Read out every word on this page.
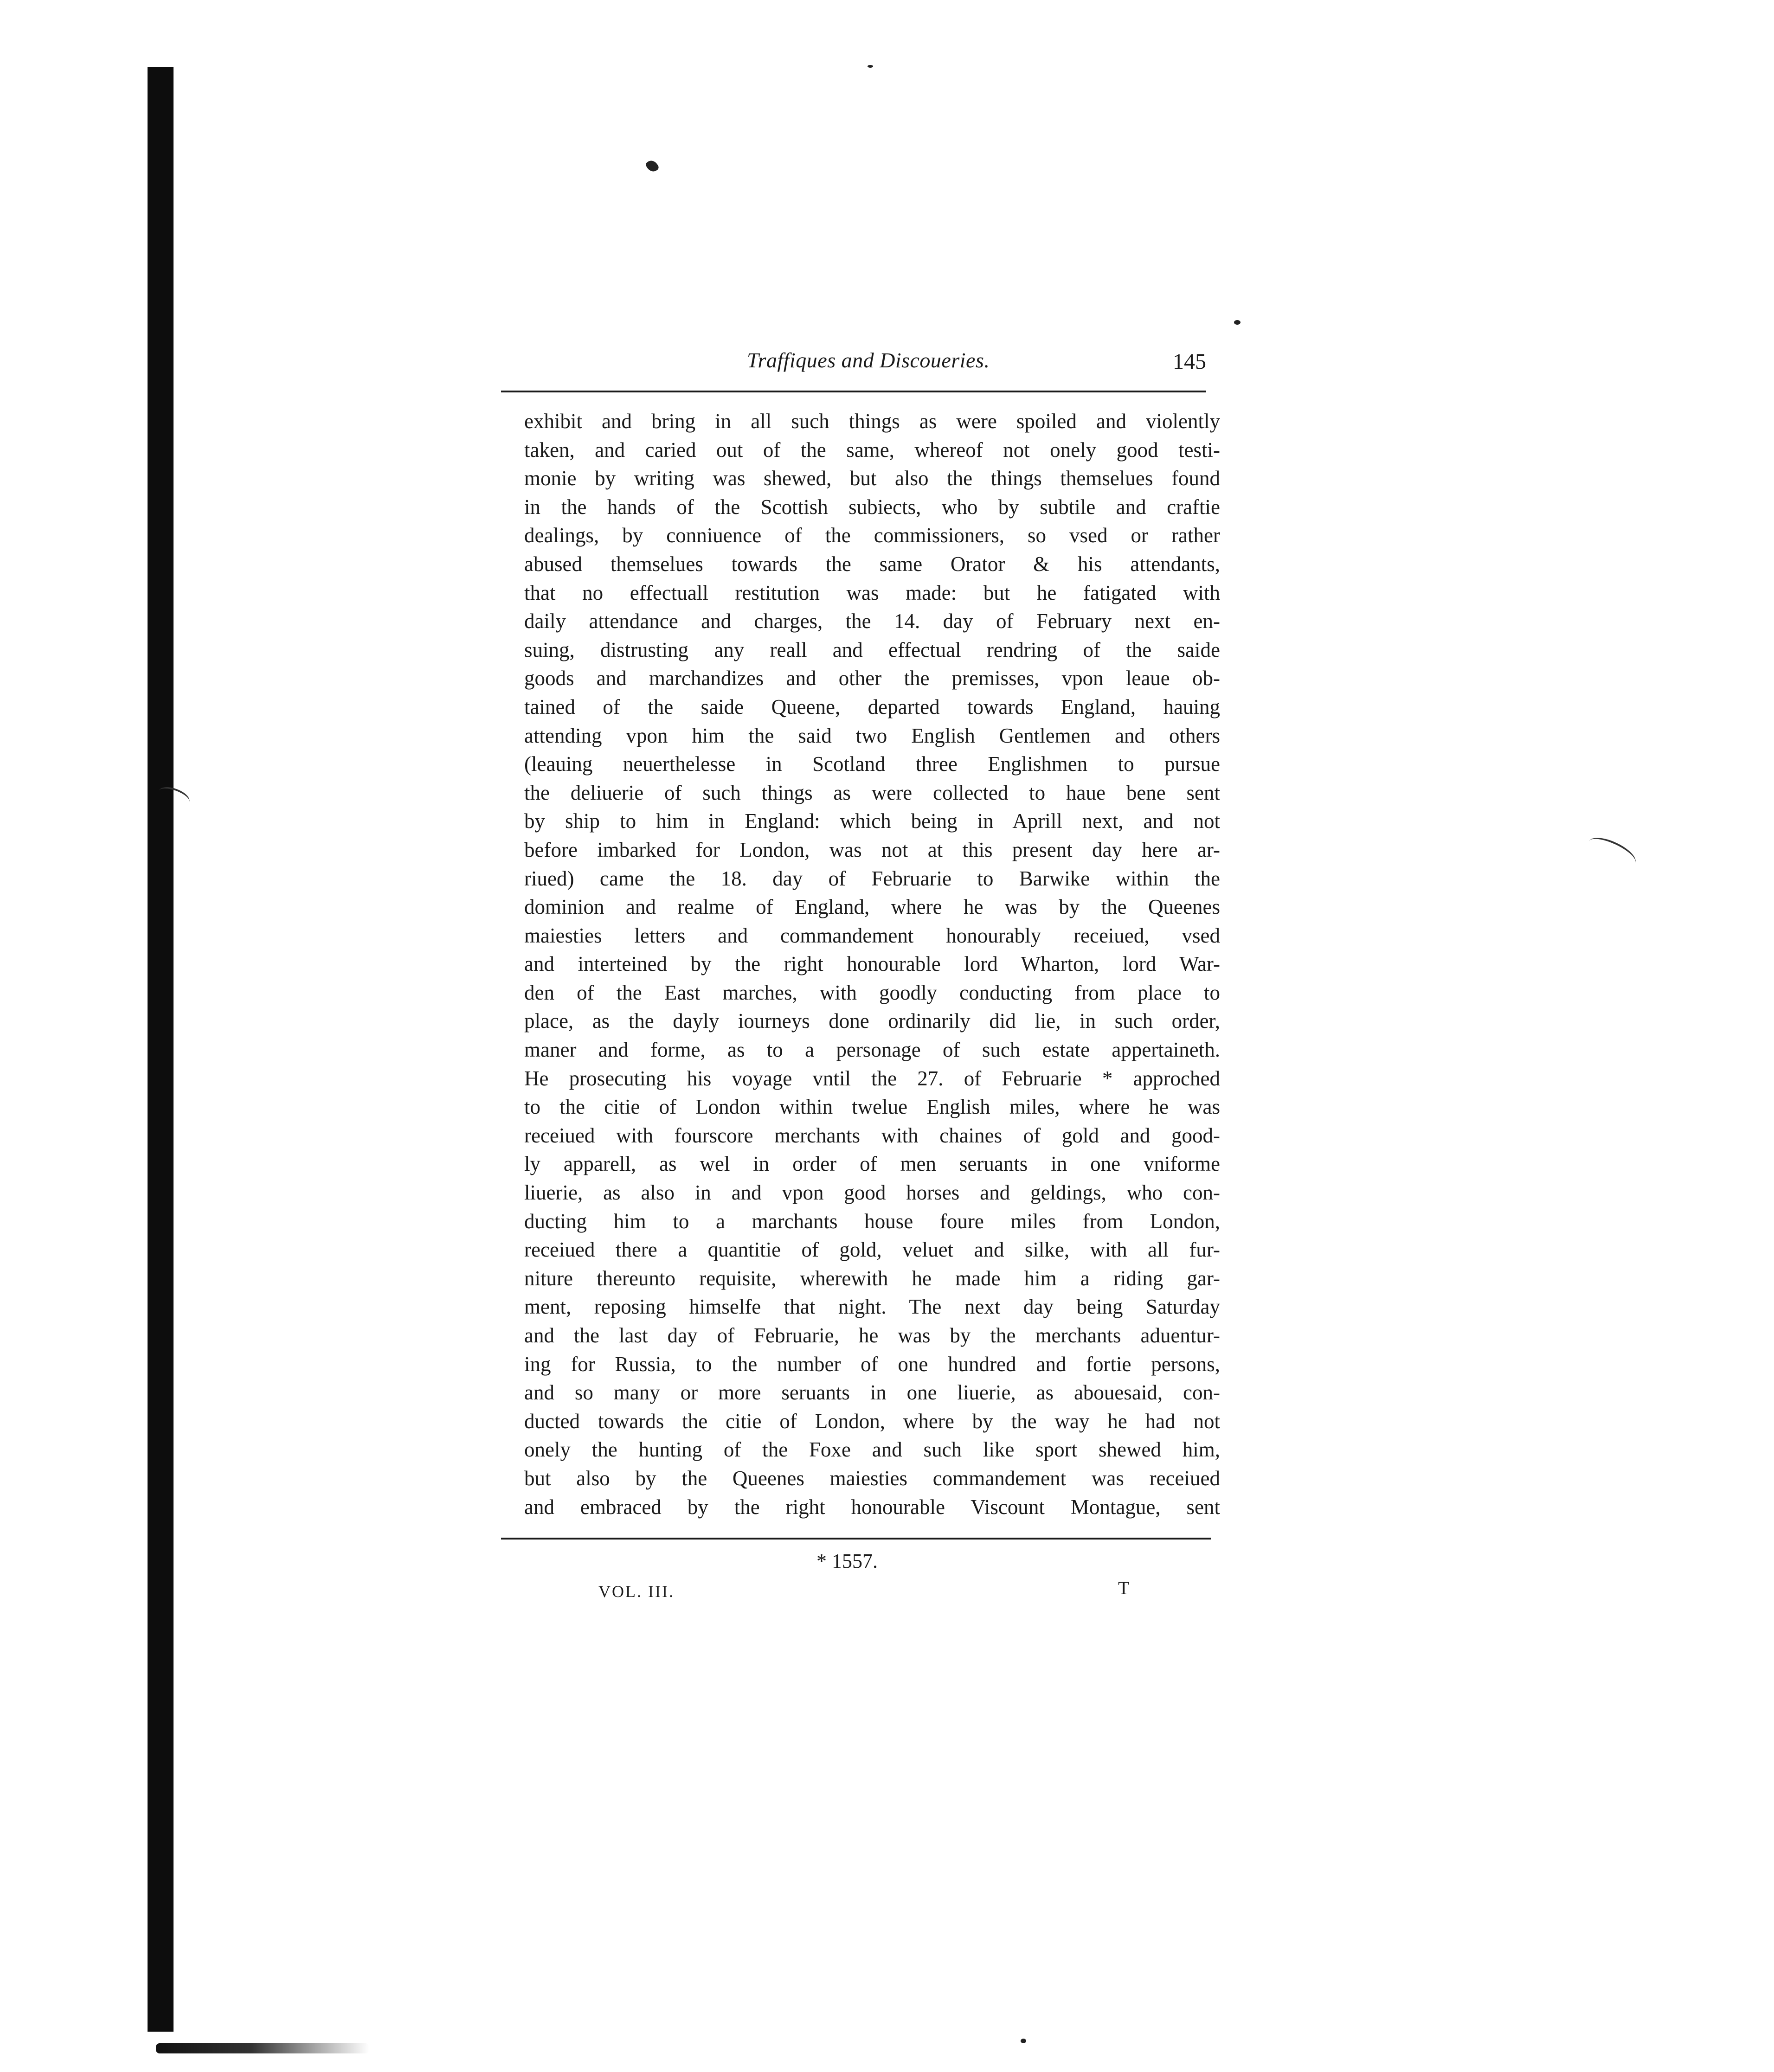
Traffiques and Discoueries.	145
exhibit and bring in all such things as were spoiled and violently
taken, and caried out of the same, whereof not onely good testi-
monie by writing was shewed, but also the things themselues found
in the hands of the Scottish subiects, who by subtile and craftie
dealings, by conniuence of the commissioners, so vsed or rather
abused themselues towards the same Orator & his attendants,
that no effectuall restitution was made: but he fatigated with
daily attendance and charges, the 14. day of February next en-
suing, distrusting any reall and effectual rendring of the saide
goods and marchandizes and other the premisses, vpon leaue ob-
tained of the saide Queene, departed towards England, hauing
attending vpon him the said two English Gentlemen and others
(leauing neuerthelesse in Scotland three Englishmen to pursue
the deliuerie of such things as were collected to haue bene sent
by ship to him in England: which being in Aprill next, and not
before imbarked for London, was not at this present day here ar-
riued) came the 18. day of Februarie to Barwike within the
dominion and realme of England, where he was by the Queenes
maiesties letters and commandement honourably receiued, vsed
and interteined by the right honourable lord Wharton, lord War-
den of the East marches, with goodly conducting from place to
place, as the dayly iourneys done ordinarily did lie, in such order,
maner and forme, as to a personage of such estate appertaineth.
He prosecuting his voyage vntil the 27. of Februarie * approched
to the citie of London within twelue English miles, where he was
receiued with fourscore merchants with chaines of gold and good-
ly apparell, as wel in order of men seruants in one vniforme
liuerie, as also in and vpon good horses and geldings, who con-
ducting him to a marchants house foure miles from London,
receiued there a quantitie of gold, veluet and silke, with all fur-
niture thereunto requisite, wherewith he made him a riding gar-
ment, reposing himselfe that night. The next day being Saturday
and the last day of Februarie, he was by the merchants aduentur-
ing for Russia, to the number of one hundred and fortie persons,
and so many or more seruants in one liuerie, as abouesaid, con-
ducted towards the citie of London, where by the way he had not
onely the hunting of the Foxe and such like sport shewed him,
but also by the Queenes maiesties commandement was receiued
and embraced by the right honourable Viscount Montague, sent
* 1557.
VOL. III.	T
